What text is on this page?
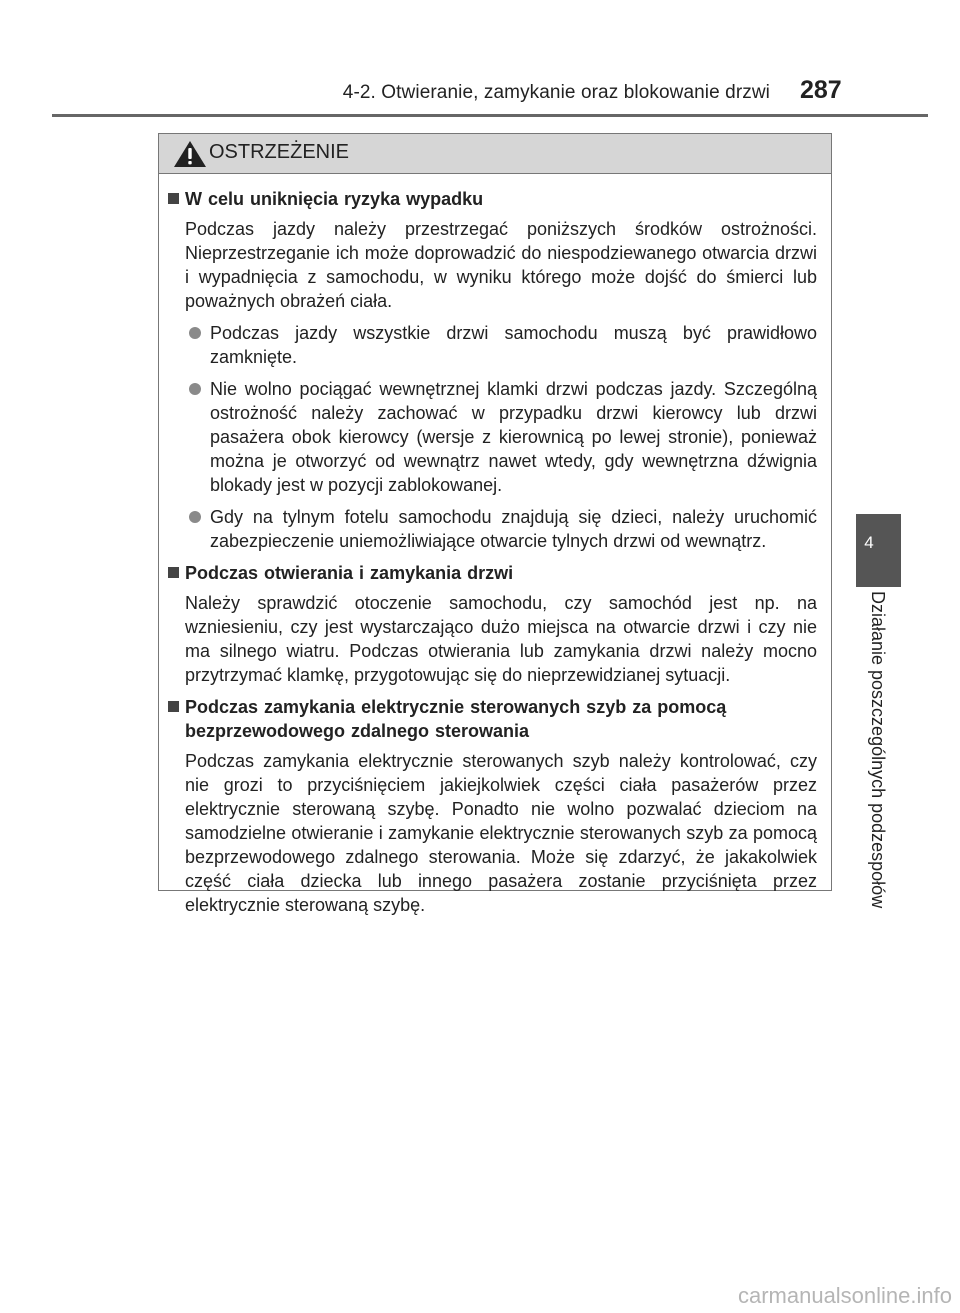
4-2. Otwieranie, zamykanie oraz blokowanie drzwi 287
4
Działanie poszczególnych podzespołów
OSTRZEŻENIE
W celu uniknięcia ryzyka wypadku
Podczas jazdy należy przestrzegać poniższych środków ostrożności. Nieprzestrzeganie ich może doprowadzić do niespodziewanego otwarcia drzwi i wypadnięcia z samochodu, w wyniku którego może dojść do śmierci lub poważnych obrażeń ciała.
Podczas jazdy wszystkie drzwi samochodu muszą być prawidłowo zamknięte.
Nie wolno pociągać wewnętrznej klamki drzwi podczas jazdy. Szczególną ostrożność należy zachować w przypadku drzwi kierowcy lub drzwi pasażera obok kierowcy (wersje z kierownicą po lewej stronie), ponieważ można je otworzyć od wewnątrz nawet wtedy, gdy wewnętrzna dźwignia blokady jest w pozycji zablokowanej.
Gdy na tylnym fotelu samochodu znajdują się dzieci, należy uruchomić zabezpieczenie uniemożliwiające otwarcie tylnych drzwi od wewnątrz.
Podczas otwierania i zamykania drzwi
Należy sprawdzić otoczenie samochodu, czy samochód jest np. na wzniesieniu, czy jest wystarczająco dużo miejsca na otwarcie drzwi i czy nie ma silnego wiatru. Podczas otwierania lub zamykania drzwi należy mocno przytrzymać klamkę, przygotowując się do nieprzewidzianej sytuacji.
Podczas zamykania elektrycznie sterowanych szyb za pomocą bezprzewodowego zdalnego sterowania
Podczas zamykania elektrycznie sterowanych szyb należy kontrolować, czy nie grozi to przyciśnięciem jakiejkolwiek części ciała pasażerów przez elektrycznie sterowaną szybę. Ponadto nie wolno pozwalać dzieciom na samodzielne otwieranie i zamykanie elektrycznie sterowanych szyb za pomocą bezprzewodowego zdalnego sterowania. Może się zdarzyć, że jakakolwiek część ciała dziecka lub innego pasażera zostanie przyciśnięta przez elektrycznie sterowaną szybę.
carmanualsonline.info
